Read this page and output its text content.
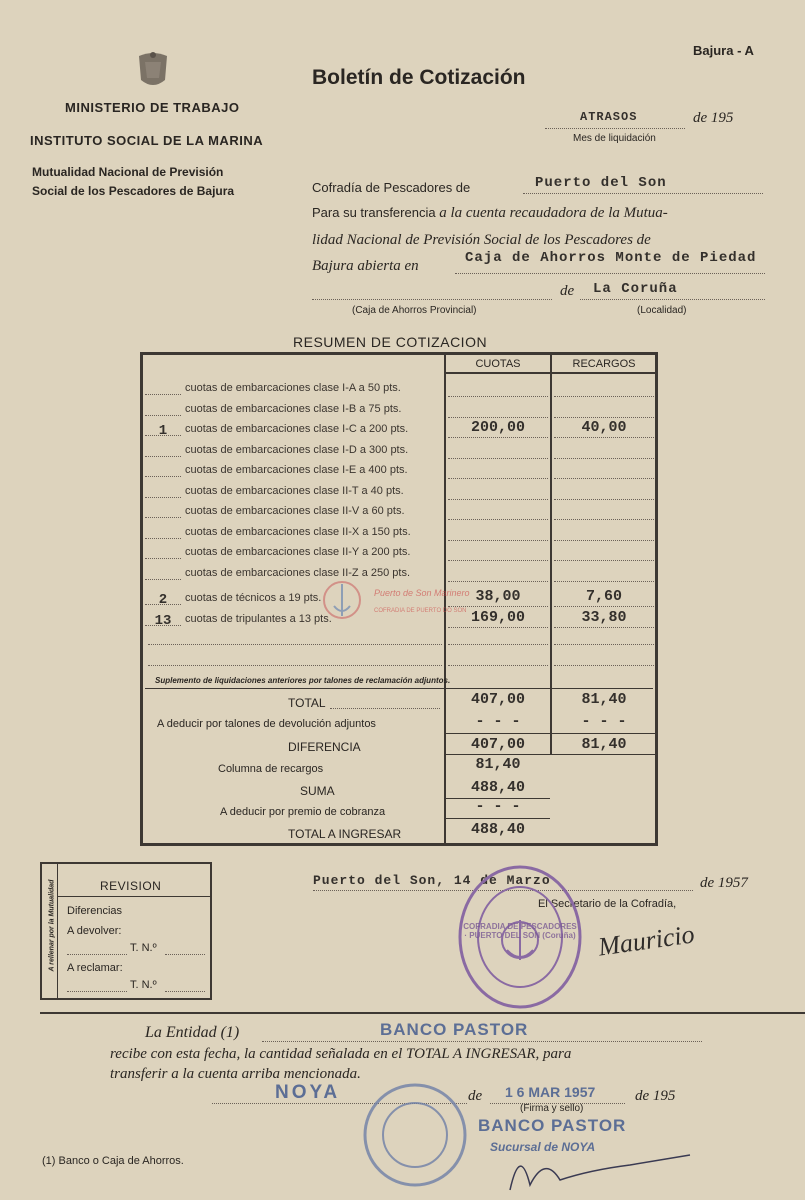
Bajura - A
MINISTERIO DE TRABAJO
INSTITUTO SOCIAL DE LA MARINA
Mutualidad Nacional de Previsión
Social de los Pescadores de Bajura
Boletín de Cotización
ATRASOS	de 195
Mes de liquidación
Cofradía de Pescadores de	Puerto del Son
Para su transferencia a la cuenta recaudadora de la Mutua-
lidad Nacional de Previsión Social de los Pescadores de
Bajura abierta en	Caja de Ahorros Monte de Piedad
de La Coruña
(Caja de Ahorros Provincial)	(Localidad)
RESUMEN DE COTIZACION
CUOTAS	RECARGOS
cuotas de embarcaciones clase I-A a 50 pts.
cuotas de embarcaciones clase I-B a 75 pts.
1	cuotas de embarcaciones clase I-C a 200 pts.	200,00	40,00
cuotas de embarcaciones clase I-D a 300 pts.
cuotas de embarcaciones clase I-E a 400 pts.
cuotas de embarcaciones clase II-T a 40 pts.
cuotas de embarcaciones clase II-V a 60 pts.
cuotas de embarcaciones clase II-X a 150 pts.
cuotas de embarcaciones clase II-Y a 200 pts.
cuotas de embarcaciones clase II-Z a 250 pts.
2	cuotas de técnicos a 19 pts.	38,00	7,60
13	cuotas de tripulantes a 13 pts.	169,00	33,80
Suplemento de liquidaciones anteriores por talones de reclamación adjuntos.
TOTAL	407,00	81,40
A deducir por talones de devolución adjuntos	- - -	- - -
DIFERENCIA	407,00	81,40
Columna de recargos	81,40
SUMA	488,40
A deducir por premio de cobranza	- - -
TOTAL A INGRESAR	488,40
Puerto de Son Marinero
COFRADIA DE PUERTO DO SON
A rellenar por la Mutualidad	REVISION
Diferencias
A devolver:
T. N.º
A reclamar:
T. N.º
Puerto del Son, 14 de Marzo	de 1957
El Secretario de la Cofradía,
Mauricio
COFRADIA DE PESCADORES · PUERTO DEL SON (Coruña)
La Entidad (1)	BANCO PASTOR
recibe con esta fecha, la cantidad señalada en el TOTAL A INGRESAR, para
transferir a la cuenta arriba mencionada.
NOYA	de 1 6 MAR 1957	de 195
(Firma y sello)
BANCO PASTOR
Sucursal de NOYA
(1) Banco o Caja de Ahorros.
